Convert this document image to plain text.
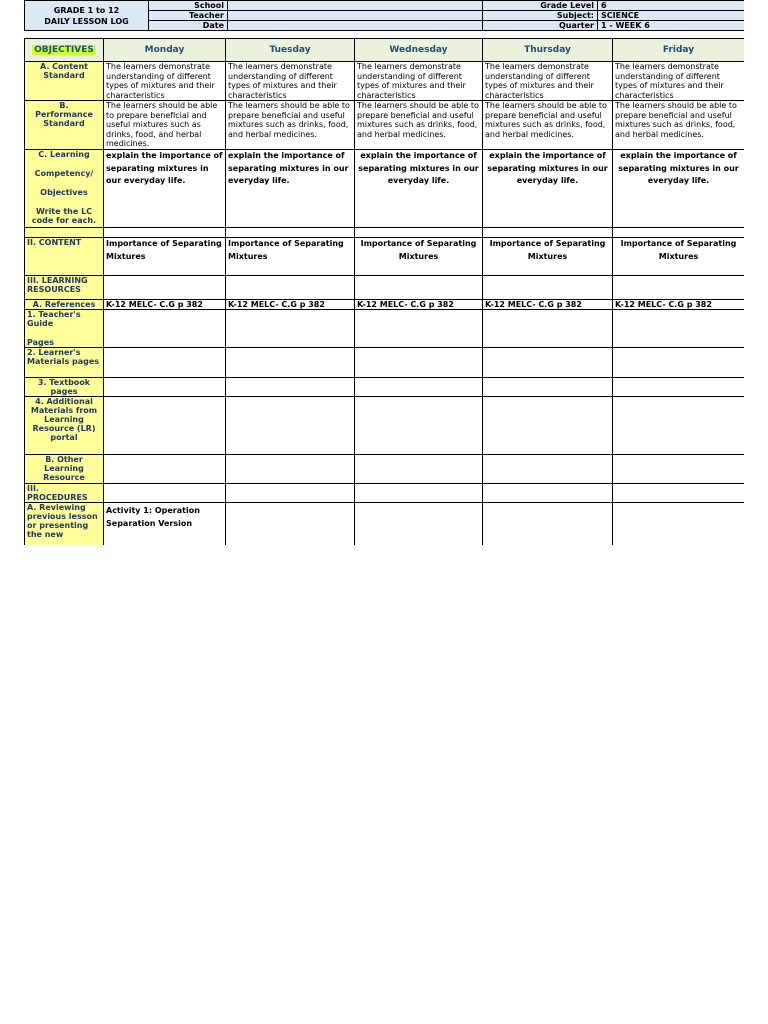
GRADE 1 to 12
DAILY LESSON LOG	School		Grade Level	6
	Teacher		Subject:	SCIENCE
	Date		Quarter	1 - WEEK 6
OBJECTIVES	Monday	Tuesday	Wednesday	Thursday	Friday
A. Content Standard	The learners demonstrate understanding of different types of mixtures and their characteristics	The learners demonstrate understanding of different types of mixtures and their characteristics	The learners demonstrate understanding of different types of mixtures and their characteristics	The learners demonstrate understanding of different types of mixtures and their characteristics	The learners demonstrate understanding of different types of mixtures and their characteristics

B.
Performance Standard	The learners should be able to prepare beneficial and useful mixtures such as drinks, food, and herbal medicines.	The learners should be able to prepare beneficial and useful mixtures such as drinks, food, and herbal medicines.	The learners should be able to prepare beneficial and useful mixtures such as drinks, food, and herbal medicines.	The learners should be able to prepare beneficial and useful mixtures such as drinks, food, and herbal medicines.	The learners should be able to prepare beneficial and useful mixtures such as drinks, food, and herbal medicines.

C. Learning
Competency/
Objectives
Write the LC code for each.	explain the importance of separating mixtures in our everyday life.	explain the importance of separating mixtures in our everyday life.	explain the importance of separating mixtures in our everyday life.	explain the importance of separating mixtures in our everyday life.	explain the importance of separating mixtures in our everyday life.

II. CONTENT	Importance of Separating Mixtures	Importance of Separating Mixtures	Importance of Separating Mixtures	Importance of Separating Mixtures	Importance of Separating Mixtures
III. LEARNING RESOURCES					
A. References	K-12 MELC- C.G p 382	K-12 MELC- C.G p 382	K-12 MELC- C.G p 382	K-12 MELC- C.G p 382	K-12 MELC- C.G p 382

1. Teacher's Guide
Pages					

2. Learner's Materials pages					
3. Textbook pages					
4. Additional Materials from Learning Resource (LR) portal					
B. Other Learning Resource					
III. PROCEDURES					
A. Reviewing previous lesson or presenting the new	Activity 1: Operation Separation Version				
